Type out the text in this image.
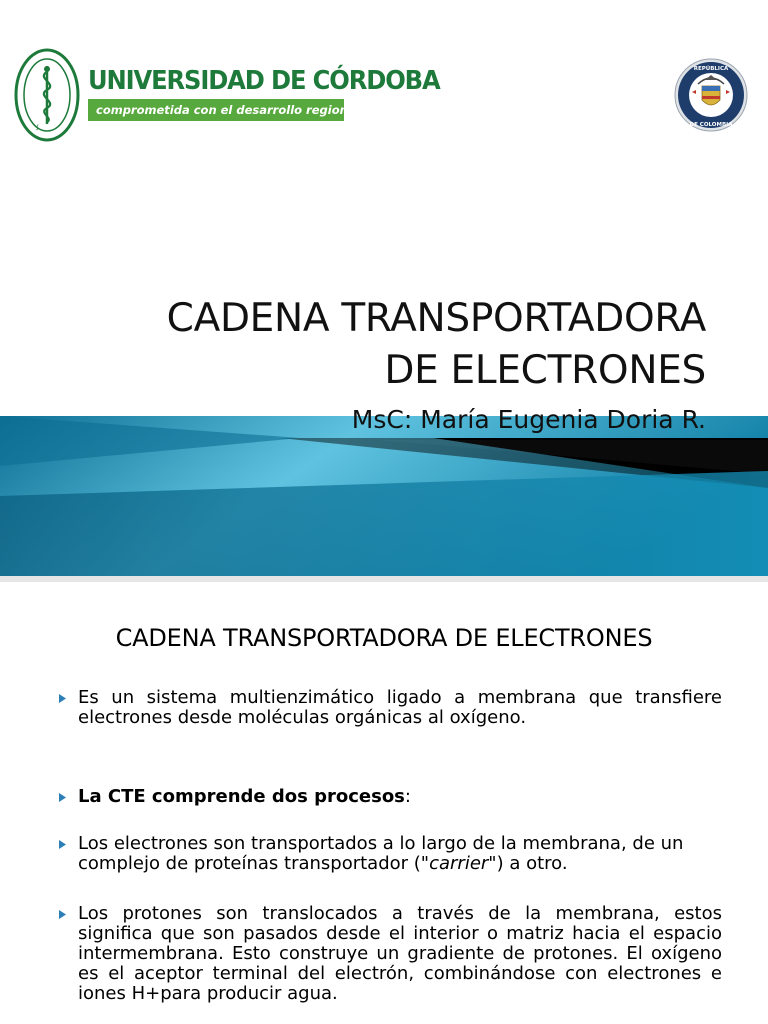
ꭍ
UNIVERSIDAD DE CÓRDOBA
comprometida con el desarrollo regional
REPÚBLICA
DE COLOMBIA
CADENA TRANSPORTADORA
DE ELECTRONES
MsC: María Eugenia Doria R.
CADENA TRANSPORTADORA DE ELECTRONES
Es un sistema multienzimático ligado a membrana que transfiere electrones desde moléculas orgánicas al oxígeno.
La CTE comprende dos procesos:
Los electrones son transportados a lo largo de la membrana, de un complejo de proteínas transportador ("carrier") a otro.
Los protones son translocados a través de la membrana, estos significa que son pasados desde el interior o matriz hacia el espacio intermembrana. Esto construye un gradiente de protones. El oxígeno es el aceptor terminal del electrón, combinándose con electrones e iones H+para producir agua.
